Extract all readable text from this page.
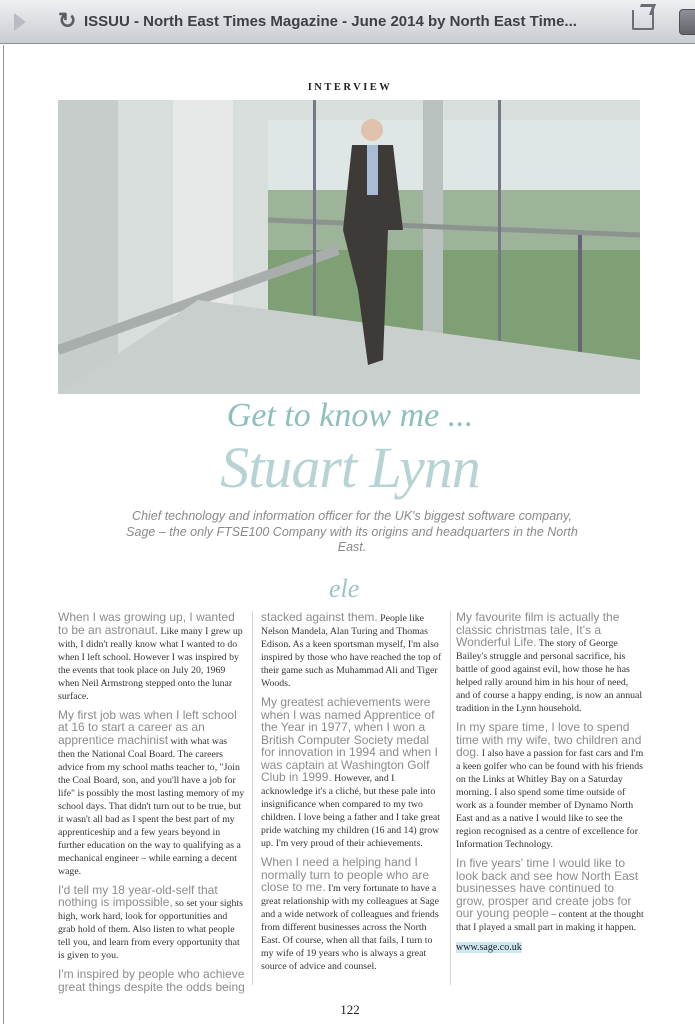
↻ ISSUU - North East Times Magazine - June 2014 by North East Time...
INTERVIEW
Get to know me ...
Stuart Lynn
Chief technology and information officer for the UK's biggest software company, Sage – the only FTSE100 Company with its origins and headquarters in the North East.
ele

When I was growing up, I wanted to be an astronaut. Like many I grew up with, I didn't really know what I wanted to do when I left school. However I was inspired by the events that took place on July 20, 1969 when Neil Armstrong stepped onto the lunar surface.

My first job was when I left school at 16 to start a career as an apprentice machinist with what was then the National Coal Board. The careers advice from my school maths teacher to, "Join the Coal Board, son, and you'll have a job for life" is possibly the most lasting memory of my school days. That didn't turn out to be true, but it wasn't all bad as I spent the best part of my apprenticeship and a few years beyond in further education on the way to qualifying as a mechanical engineer – while earning a decent wage.

I'd tell my 18 year-old-self that nothing is impossible, so set your sights high, work hard, look for opportunities and grab hold of them. Also listen to what people tell you, and learn from every opportunity that is given to you.

I'm inspired by people who achieve great things despite the odds being

stacked against them. People like Nelson Mandela, Alan Turing and Thomas Edison. As a keen sportsman myself, I'm also inspired by those who have reached the top of their game such as Muhammad Ali and Tiger Woods.

My greatest achievements were when I was named Apprentice of the Year in 1977, when I won a British Computer Society medal for innovation in 1994 and when I was captain at Washington Golf Club in 1999. However, and I acknowledge it's a cliché, but these pale into insignificance when compared to my two children. I love being a father and I take great pride watching my children (16 and 14) grow up. I'm very proud of their achievements.

When I need a helping hand I normally turn to people who are close to me. I'm very fortunate to have a great relationship with my colleagues at Sage and a wide network of colleagues and friends from different businesses across the North East. Of course, when all that fails, I turn to my wife of 19 years who is always a great source of advice and counsel.

My favourite film is actually the classic christmas tale, It's a Wonderful Life. The story of George Bailey's struggle and personal sacrifice, his battle of good against evil, how those he has helped rally around him in his hour of need, and of course a happy ending, is now an annual tradition in the Lynn household.

In my spare time, I love to spend time with my wife, two children and dog. I also have a passion for fast cars and I'm a keen golfer who can be found with his friends on the Links at Whitley Bay on a Saturday morning. I also spend some time outside of work as a founder member of Dynamo North East and as a native I would like to see the region recognised as a centre of excellence for Information Technology.

In five years' time I would like to look back and see how North East businesses have continued to grow, prosper and create jobs for our young people – content at the thought that I played a small part in making it happen.

www.sage.co.uk

122
